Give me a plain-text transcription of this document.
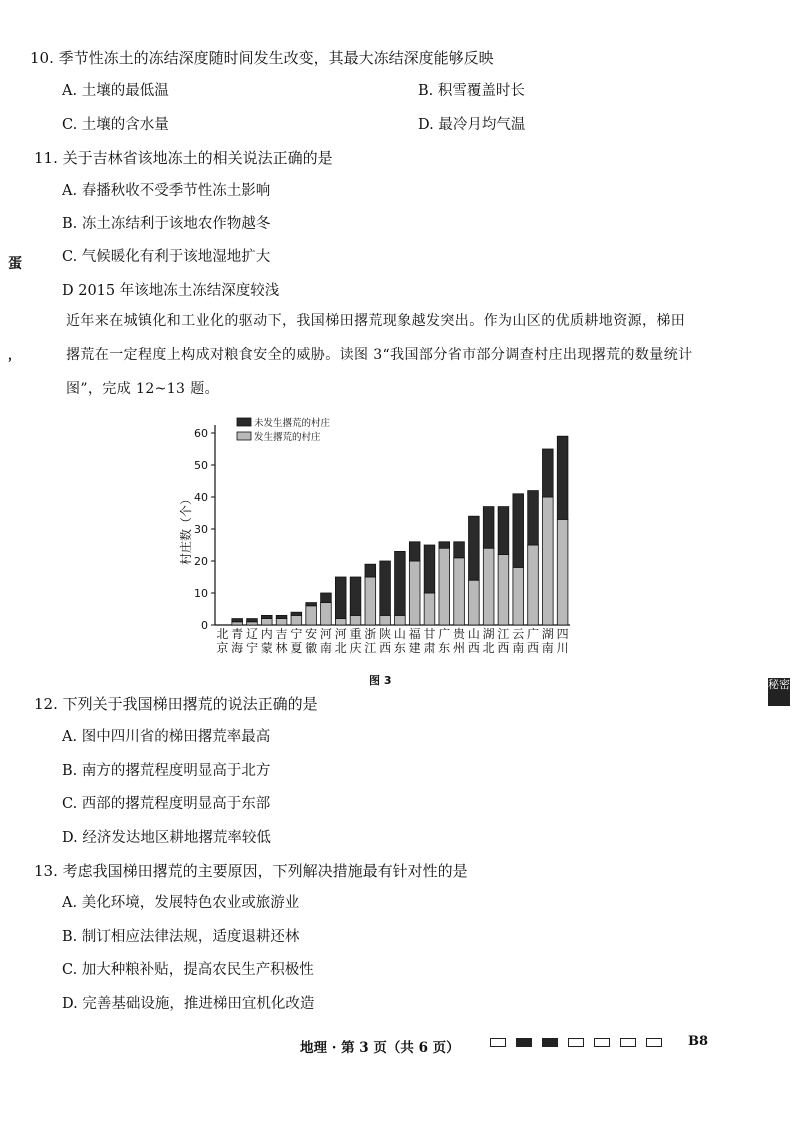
10. 季节性冻土的冻结深度随时间发生改变，其最大冻结深度能够反映
A. 土壤的最低温	B. 积雪覆盖时长
C. 土壤的含水量	D. 最冷月均气温
11. 关于吉林省该地冻土的相关说法正确的是
A. 春播秋收不受季节性冻土影响
B. 冻土冻结利于该地农作物越冬
C. 气候暖化有利于该地湿地扩大
D 2015 年该地冻土冻结深度较浅
蛋
，
秘密
近年来在城镇化和工业化的驱动下，我国梯田撂荒现象越发突出。作为山区的优质耕地资源，梯田
撂荒在一定程度上构成对粮食安全的威胁。读图 3“我国部分省市部分调查村庄出现撂荒的数量统计
图”，完成 12~13 题。
0
10
20
30
40
50
60
村庄数（个）
北京
青海
辽宁
内蒙
吉林
宁夏
安徽
河南
河北
重庆
浙江
陕西
山东
福建
甘肃
广东
贵州
山西
湖北
江西
云南
广西
湖南
四川
未发生撂荒的村庄
发生撂荒的村庄
图 3
12. 下列关于我国梯田撂荒的说法正确的是
A. 图中四川省的梯田撂荒率最高
B. 南方的撂荒程度明显高于北方
C. 西部的撂荒程度明显高于东部
D. 经济发达地区耕地撂荒率较低
13. 考虑我国梯田撂荒的主要原因，下列解决措施最有针对性的是
A. 美化环境，发展特色农业或旅游业
B. 制订相应法律法规，适度退耕还林
C. 加大种粮补贴，提高农民生产积极性
D. 完善基础设施，推进梯田宜机化改造
地理 · 第 3 页（共 6 页）	B8
